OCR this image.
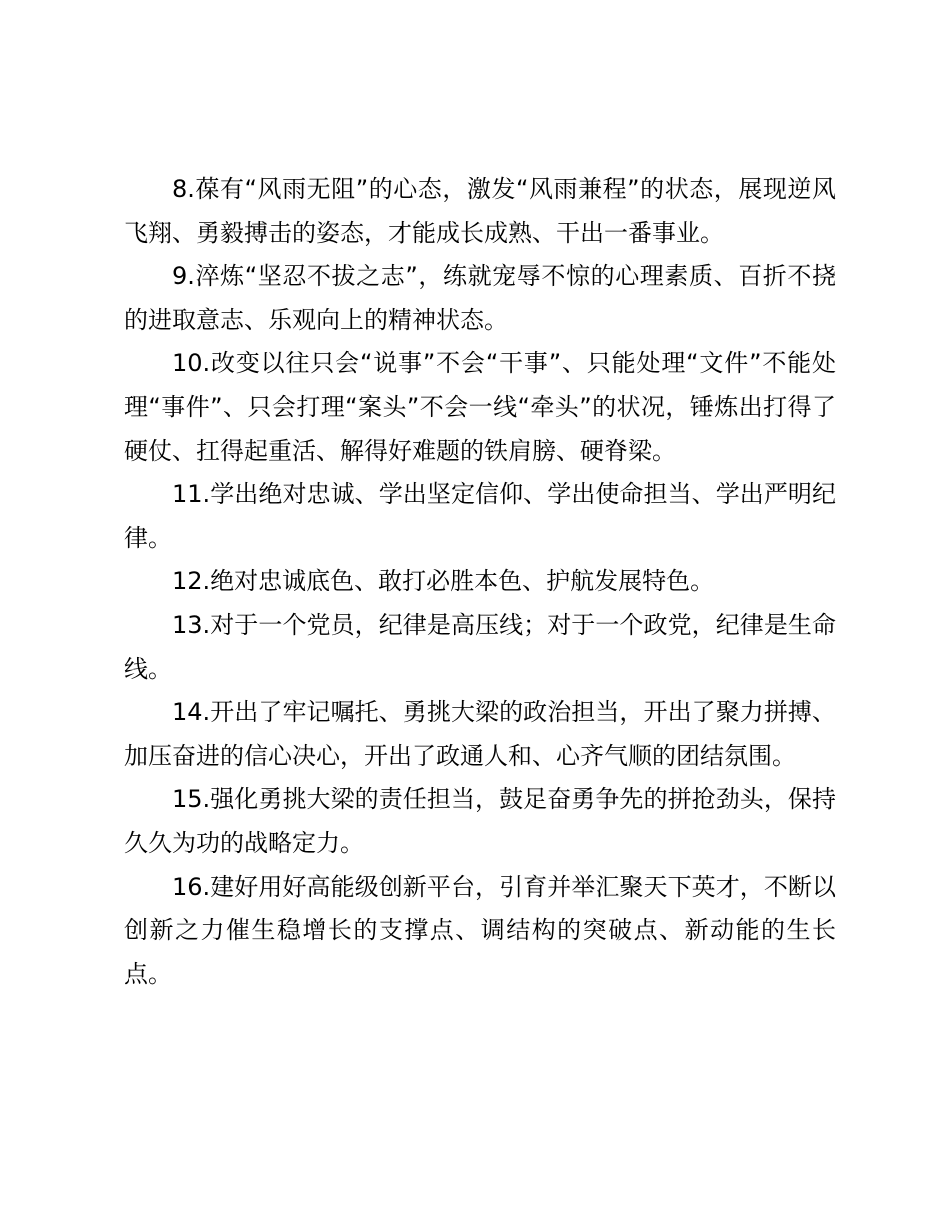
8.葆有“风雨无阻”的心态，激发“风雨兼程”的状态，展现逆风飞翔、勇毅搏击的姿态，才能成长成熟、干出一番事业。

9.淬炼“坚忍不拔之志”，练就宠辱不惊的心理素质、百折不挠的进取意志、乐观向上的精神状态。

10.改变以往只会“说事”不会“干事”、只能处理“文件”不能处理“事件”、只会打理“案头”不会一线“牵头”的状况，锤炼出打得了硬仗、扛得起重活、解得好难题的铁肩膀、硬脊梁。

11.学出绝对忠诚、学出坚定信仰、学出使命担当、学出严明纪律。

12.绝对忠诚底色、敢打必胜本色、护航发展特色。

13.对于一个党员，纪律是高压线；对于一个政党，纪律是生命线。

14.开出了牢记嘱托、勇挑大梁的政治担当，开出了聚力拼搏、加压奋进的信心决心，开出了政通人和、心齐气顺的团结氛围。

15.强化勇挑大梁的责任担当，鼓足奋勇争先的拼抢劲头，保持久久为功的战略定力。

16.建好用好高能级创新平台，引育并举汇聚天下英才，不断以创新之力催生稳增长的支撑点、调结构的突破点、新动能的生长点。
